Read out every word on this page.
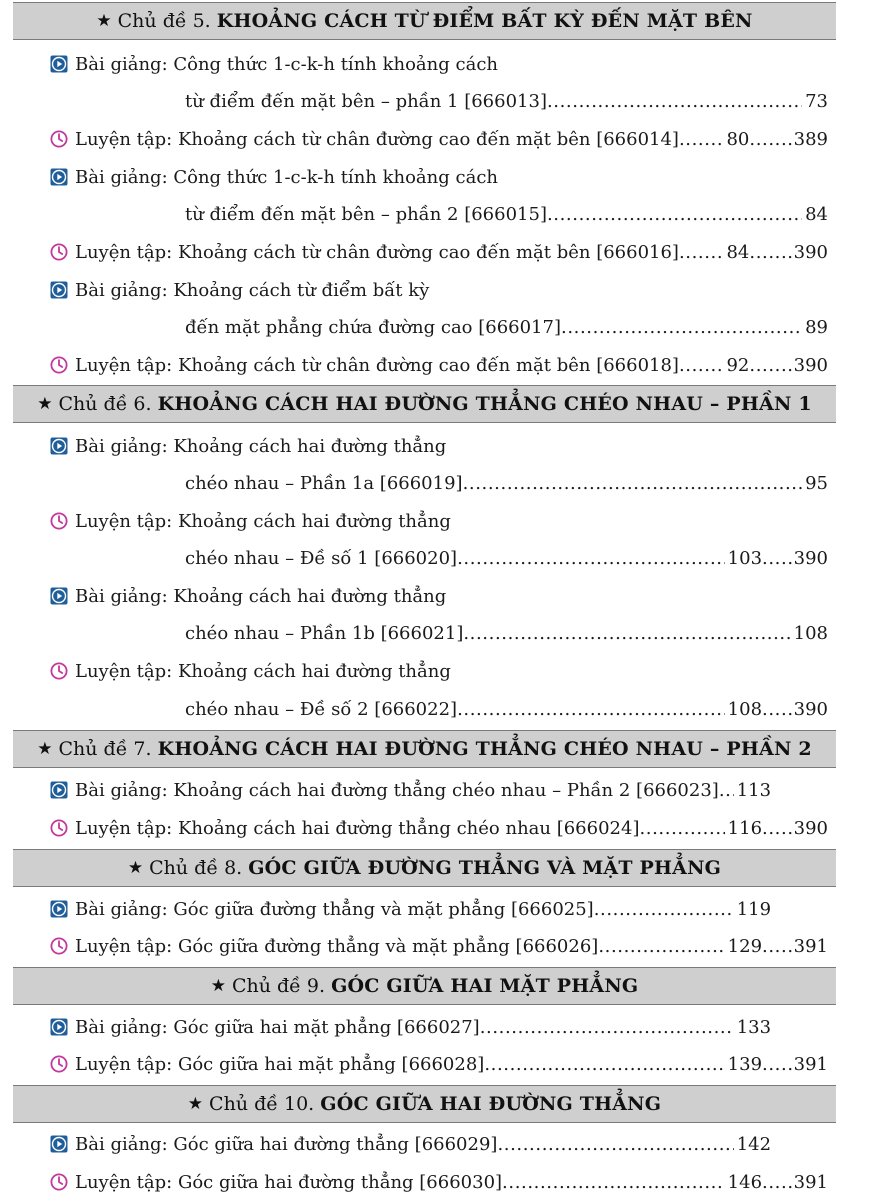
★ Chủ đề 5.
KHOẢNG CÁCH TỪ ĐIỂM BẤT KỲ ĐẾN MẶT BÊN
Bài giảng: Công thức 1-c-k-h tính khoảng cách
từ điểm đến mặt bên – phần 1 [666013] .....	73
Luyện tập: Khoảng cách từ chân đường cao đến mặt bên [666014] .....	80 ....... 389
Bài giảng: Công thức 1-c-k-h tính khoảng cách
từ điểm đến mặt bên – phần 2 [666015] .....	84
Luyện tập: Khoảng cách từ chân đường cao đến mặt bên [666016] .....	84 ....... 390
Bài giảng: Khoảng cách từ điểm bất kỳ
đến mặt phẳng chứa đường cao [666017] .....	89
Luyện tập: Khoảng cách từ chân đường cao đến mặt bên [666018] .....	92 ....... 390
★ Chủ đề 6.
KHOẢNG CÁCH HAI ĐƯỜNG THẲNG CHÉO NHAU – PHẦN 1
Bài giảng: Khoảng cách hai đường thẳng
chéo nhau – Phần 1a [666019] .....	95
Luyện tập: Khoảng cách hai đường thẳng
chéo nhau – Đề số 1 [666020] .....	103 ..... 390
Bài giảng: Khoảng cách hai đường thẳng
chéo nhau – Phần 1b [666021] .....	108
Luyện tập: Khoảng cách hai đường thẳng
chéo nhau – Đề số 2 [666022] .....	108 ..... 390
★ Chủ đề 7.
KHOẢNG CÁCH HAI ĐƯỜNG THẲNG CHÉO NHAU – PHẦN 2
Bài giảng: Khoảng cách hai đường thẳng chéo nhau – Phần 2 [666023] ..... 113
Luyện tập: Khoảng cách hai đường thẳng chéo nhau [666024] .....	116 ..... 390
★ Chủ đề 8.
GÓC GIỮA ĐƯỜNG THẲNG VÀ MẶT PHẲNG
Bài giảng: Góc giữa đường thẳng và mặt phẳng [666025] .....	119
Luyện tập: Góc giữa đường thẳng và mặt phẳng [666026] .....	129 ..... 391
★ Chủ đề 9.
GÓC GIỮA HAI MẶT PHẲNG
Bài giảng: Góc giữa hai mặt phẳng [666027] .....	133
Luyện tập: Góc giữa hai mặt phẳng [666028] .....	139 ..... 391
★ Chủ đề 10.
GÓC GIỮA HAI ĐƯỜNG THẲNG
Bài giảng: Góc giữa hai đường thẳng [666029] .....	142
Luyện tập: Góc giữa hai đường thẳng [666030] .....	146 ..... 391
